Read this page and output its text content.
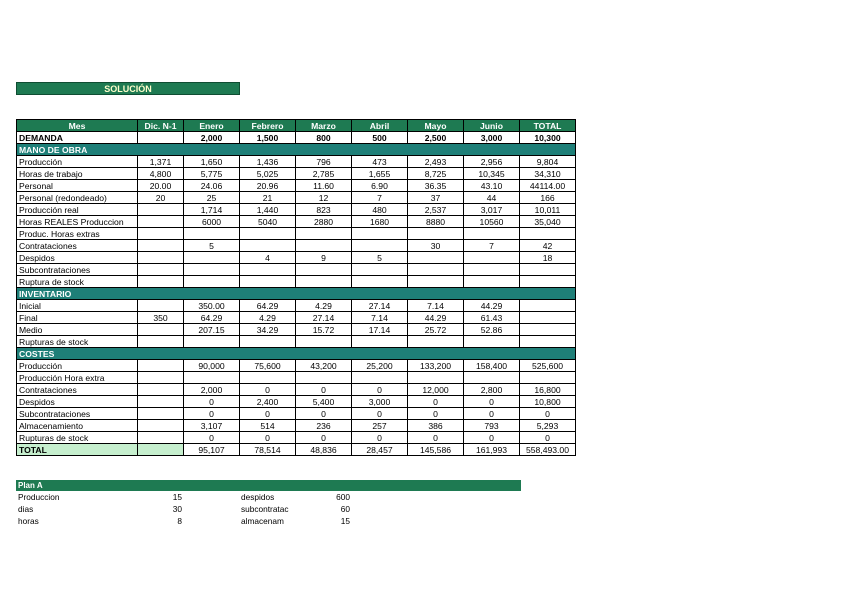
SOLUCIÓN
Mes	Dic. N-1	Enero	Febrero	Marzo	Abril	Mayo	Junio	TOTAL
DEMANDA		2,000	1,500	800	500	2,500	3,000	10,300
MANO DE OBRA								
Producción	1,371	1,650	1,436	796	473	2,493	2,956	9,804
Horas de trabajo	4,800	5,775	5,025	2,785	1,655	8,725	10,345	34,310
Personal	20.00	24.06	20.96	11.60	6.90	36.35	43.10	44114.00
Personal (redondeado)	20	25	21	12	7	37	44	166
Producción real		1,714	1,440	823	480	2,537	3,017	10,011
Horas REALES Produccion		6000	5040	2880	1680	8880	10560	35,040
Produc. Horas extras								
Contrataciones		5				30	7	42
Despidos			4	9	5			18
Subcontrataciones								
Ruptura de stock								
INVENTARIO								
Inicial		350.00	64.29	4.29	27.14	7.14	44.29	
Final	350	64.29	4.29	27.14	7.14	44.29	61.43	
Medio		207.15	34.29	15.72	17.14	25.72	52.86	
Rupturas de stock								
COSTES								
Producción		90,000	75,600	43,200	25,200	133,200	158,400	525,600
Producción Hora extra								
Contrataciones		2,000	0	0	0	12,000	2,800	16,800
Despidos		0	2,400	5,400	3,000	0	0	10,800
Subcontrataciones		0	0	0	0	0	0	0
Almacenamiento		3,107	514	236	257	386	793	5,293
Rupturas de stock		0	0	0	0	0	0	0
TOTAL		95,107	78,514	48,836	28,457	145,586	161,993	558,493.00
Plan A
Produccion	15	despidos	600
dias	30	subcontratac	60
horas	8	almacenam	15
